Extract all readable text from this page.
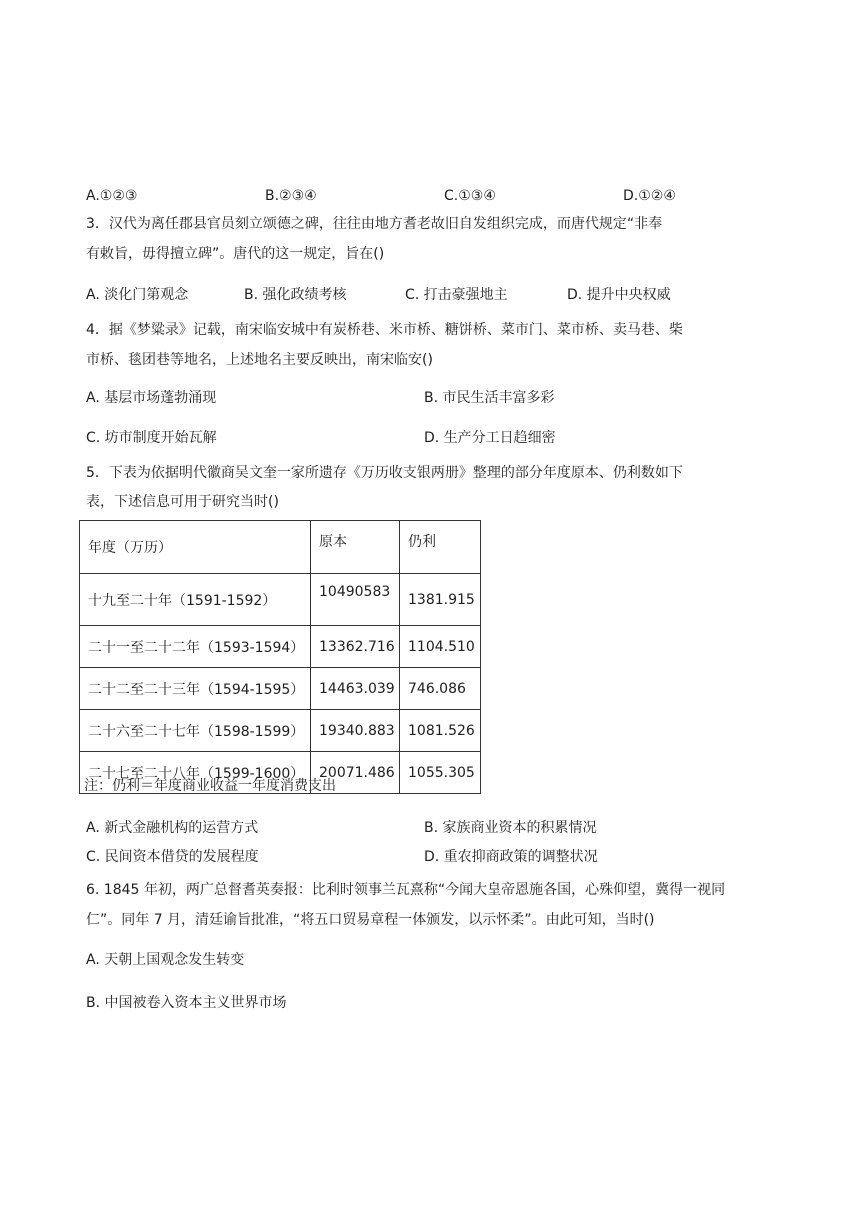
A.①②③	B.②③④	C.①③④	D.①②④
3．汉代为离任郡县官员刻立颂德之碑，往往由地方耆老故旧自发组织完成，而唐代规定“非奉
有敕旨，毋得擅立碑”。唐代的这一规定，旨在()
A. 淡化门第观念	B. 强化政绩考核	C. 打击豪强地主	D. 提升中央权威
4．据《梦粱录》记载，南宋临安城中有炭桥巷、米市桥、糖饼桥、菜市门、菜市桥、卖马巷、柴
市桥、毯团巷等地名，上述地名主要反映出，南宋临安()
A. 基层市场蓬勃涌现	B. 市民生活丰富多彩
C. 坊市制度开始瓦解	D. 生产分工日趋细密
5．下表为依据明代徽商吴文奎一家所遗存《万历收支银两册》整理的部分年度原本、仍利数如下
表，下述信息可用于研究当时()
年度（万历）	原本	仍利
十九至二十年（1591-1592）	10490583	1381.915
二十一至二十二年（1593-1594）	13362.716	1104.510
二十二至二十三年（1594-1595）	14463.039	746.086
二十六至二十七年（1598-1599）	19340.883	1081.526
二十七至二十八年（1599-1600）	20071.486	1055.305
注：仍利＝年度商业收益一年度消费支出
A. 新式金融机构的运营方式	B. 家族商业资本的积累情况
C. 民间资本借贷的发展程度	D. 重农抑商政策的调整状况
6. 1845 年初，两广总督耆英奏报：比利时领事兰瓦熹称“今闻大皇帝恩施各国，心殊仰望，冀得一视同
仁”。同年 7 月，清廷谕旨批准，“将五口贸易章程一体颁发，以示怀柔”。由此可知，当时()
A. 天朝上国观念发生转变
B. 中国被卷入资本主义世界市场
